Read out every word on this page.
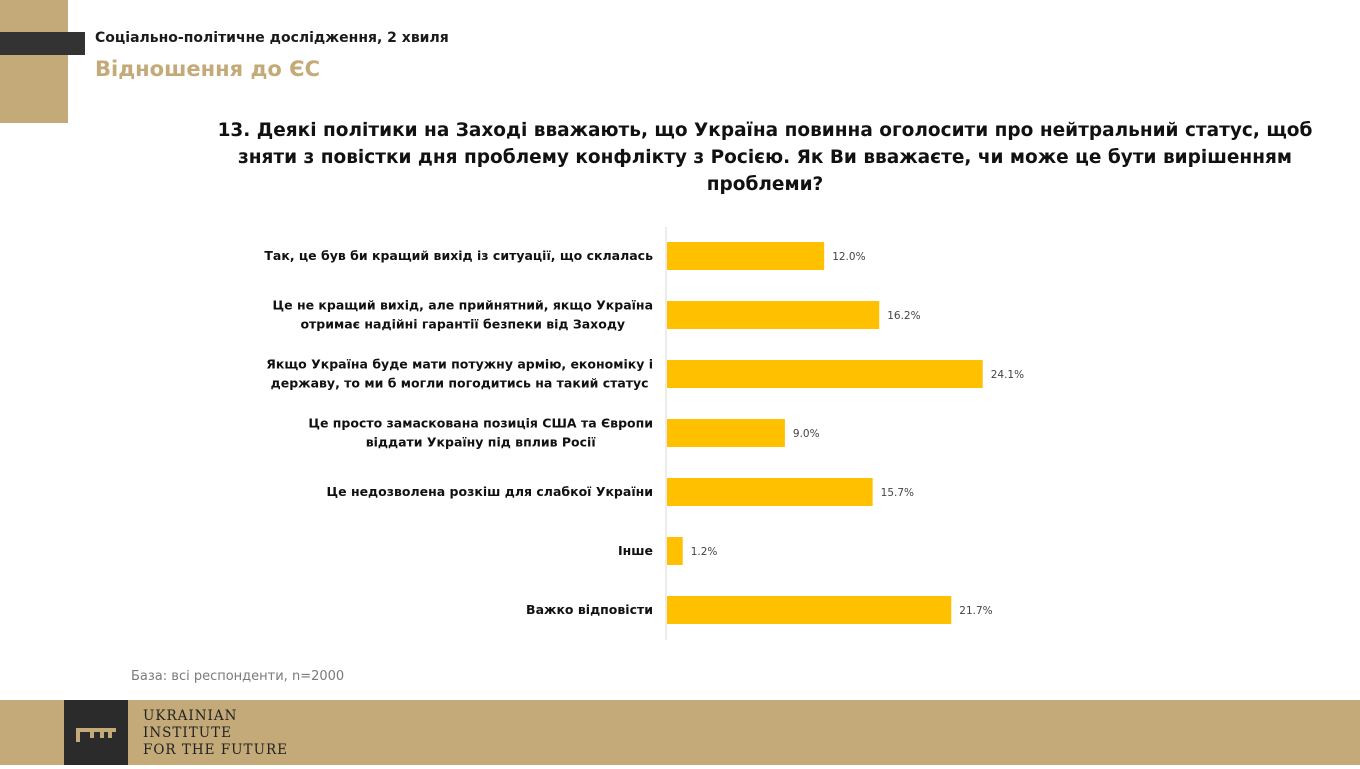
Соціально-політичне дослідження, 2 хвиля
Відношення до ЄС
13. Деякі політики на Заході вважають, що Україна повинна оголосити про нейтральний статус, щоб зняти з повістки дня проблему конфлікту з Росією. Як Ви вважаєте, чи може це бути вирішенням проблеми?
12.0%
Так, це був би кращий вихід із ситуації, що склалась
16.2%
Це не кращий вихід, але прийнятний, якщо Україна отримає надійні гарантії безпеки від Заходу
24.1%
Якщо Україна буде мати потужну армію, економіку і державу, то ми б могли погодитись на такий статус
9.0%
Це просто замаскована позиція США та Європи віддати Україну під вплив Росії
15.7%
Це недозволена розкіш для слабкої України
1.2%
Інше
21.7%
Важко відповісти
База: всі респонденти, n=2000
UKRAINIAN
INSTITUTE
FOR THE FUTURE
